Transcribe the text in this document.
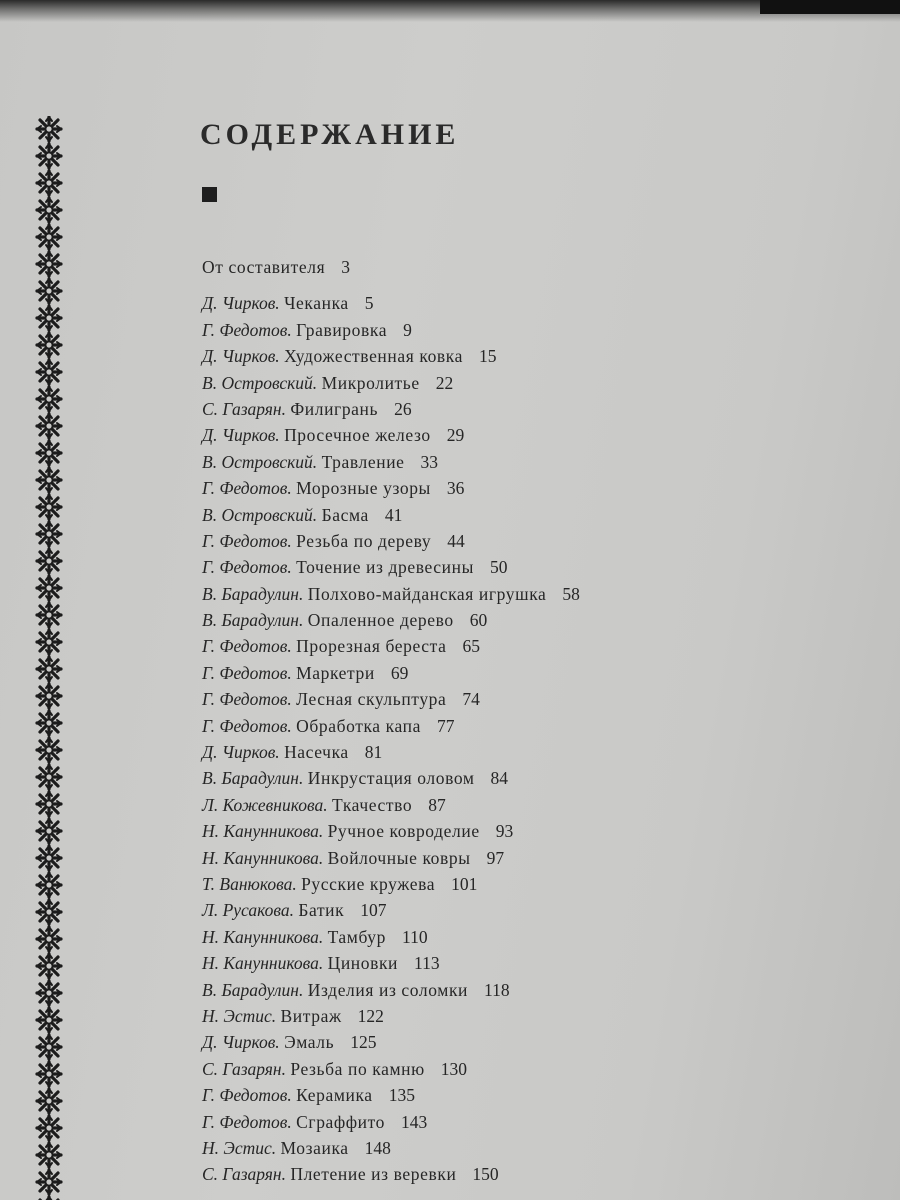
СОДЕРЖАНИЕ
От составителя 3
Д. Чирков. Чеканка 5
Г. Федотов. Гравировка 9
Д. Чирков. Художественная ковка 15
В. Островский. Микролитье 22
С. Газарян. Филигрань 26
Д. Чирков. Просечное железо 29
В. Островский. Травление 33
Г. Федотов. Морозные узоры 36
В. Островский. Басма 41
Г. Федотов. Резьба по дереву 44
Г. Федотов. Точение из древесины 50
В. Барадулин. Полхово-майданская игрушка 58
В. Барадулин. Опаленное дерево 60
Г. Федотов. Прорезная береста 65
Г. Федотов. Маркетри 69
Г. Федотов. Лесная скульптура 74
Г. Федотов. Обработка капа 77
Д. Чирков. Насечка 81
В. Барадулин. Инкрустация оловом 84
Л. Кожевникова. Ткачество 87
Н. Канунникова. Ручное ковроделие 93
Н. Канунникова. Войлочные ковры 97
Т. Ванюкова. Русские кружева 101
Л. Русакова. Батик 107
Н. Канунникова. Тамбур 110
Н. Канунникова. Циновки 113
В. Барадулин. Изделия из соломки 118
Н. Эстис. Витраж 122
Д. Чирков. Эмаль 125
С. Газарян. Резьба по камню 130
Г. Федотов. Керамика 135
Г. Федотов. Сграффито 143
Н. Эстис. Мозаика 148
С. Газарян. Плетение из веревки 150
